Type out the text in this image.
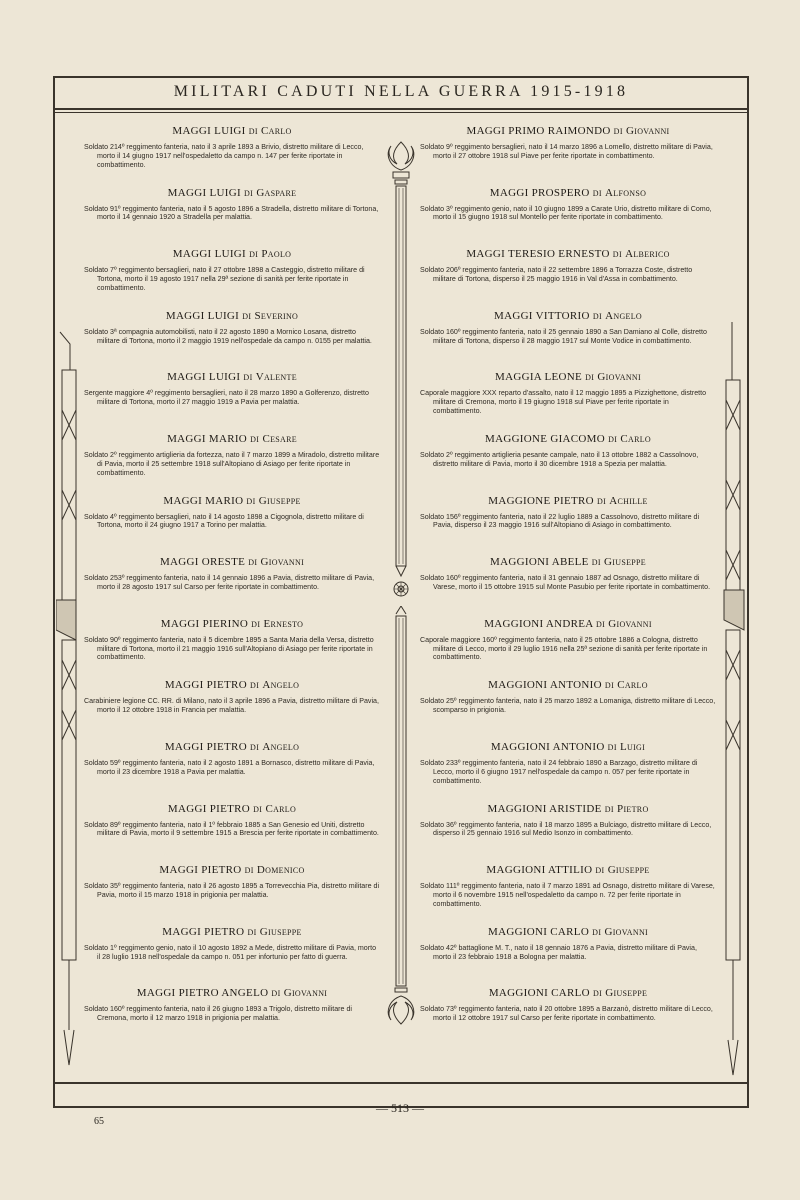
MILITARI CADUTI NELLA GUERRA 1915-1918
MAGGI LUIGI DI Carlo
Soldato 214º reggimento fanteria, nato il 3 aprile 1893 a Brivio, distretto militare di Lecco, morto il 14 giugno 1917 nell'ospedaletto da campo n. 147 per ferite riportate in combattimento.
MAGGI LUIGI DI Gaspare
Soldato 91º reggimento fanteria, nato il 5 agosto 1896 a Stradella, distretto militare di Tortona, morto il 14 gennaio 1920 a Stradella per malattia.
MAGGI LUIGI DI Paolo
Soldato 7º reggimento bersaglieri, nato il 27 ottobre 1898 a Casteggio, distretto militare di Tortona, morto il 19 agosto 1917 nella 29ª sezione di sanità per ferite riportate in combattimento.
MAGGI LUIGI DI Severino
Soldato 3ª compagnia automobilisti, nato il 22 agosto 1890 a Mornico Losana, distretto militare di Tortona, morto il 2 maggio 1919 nell'ospedale da campo n. 0155 per malattia.
MAGGI LUIGI DI Valente
Sergente maggiore 4º reggimento bersaglieri, nato il 28 marzo 1890 a Golferenzo, distretto militare di Tortona, morto il 27 maggio 1919 a Pavia per malattia.
MAGGI MARIO DI Cesare
Soldato 2º reggimento artiglieria da fortezza, nato il 7 marzo 1899 a Miradolo, distretto militare di Pavia, morto il 25 settembre 1918 sull'Altopiano di Asiago per ferite riportate in combattimento.
MAGGI MARIO DI Giuseppe
Soldato 4º reggimento bersaglieri, nato il 14 agosto 1898 a Cigognola, distretto militare di Tortona, morto il 24 giugno 1917 a Torino per malattia.
MAGGI ORESTE DI Giovanni
Soldato 253º reggimento fanteria, nato il 14 gennaio 1896 a Pavia, distretto militare di Pavia, morto il 28 agosto 1917 sul Carso per ferite riportate in combattimento.
MAGGI PIERINO DI Ernesto
Soldato 90º reggimento fanteria, nato il 5 dicembre 1895 a Santa Maria della Versa, distretto militare di Tortona, morto il 21 maggio 1916 sull'Altopiano di Asiago per ferite riportate in combattimento.
MAGGI PIETRO DI Angelo
Carabiniere legione CC. RR. di Milano, nato il 3 aprile 1896 a Pavia, distretto militare di Pavia, morto il 12 ottobre 1918 in Francia per malattia.
MAGGI PIETRO DI Angelo
Soldato 59º reggimento fanteria, nato il 2 agosto 1891 a Bornasco, distretto militare di Pavia, morto il 23 dicembre 1918 a Pavia per malattia.
MAGGI PIETRO DI Carlo
Soldato 89º reggimento fanteria, nato il 1º febbraio 1885 a San Genesio ed Uniti, distretto militare di Pavia, morto il 9 settembre 1915 a Brescia per ferite riportate in combattimento.
MAGGI PIETRO DI Domenico
Soldato 35º reggimento fanteria, nato il 26 agosto 1895 a Torrevecchia Pia, distretto militare di Pavia, morto il 15 marzo 1918 in prigionia per malattia.
MAGGI PIETRO DI Giuseppe
Soldato 1º reggimento genio, nato il 10 agosto 1892 a Mede, distretto militare di Pavia, morto il 28 luglio 1918 nell'ospedale da campo n. 051 per infortunio per fatto di guerra.
MAGGI PIETRO ANGELO DI Giovanni
Soldato 160º reggimento fanteria, nato il 26 giugno 1893 a Trigolo, distretto militare di Cremona, morto il 12 marzo 1918 in prigionia per malattia.
MAGGI PRIMO RAIMONDO DI Giovanni
Soldato 9º reggimento bersaglieri, nato il 14 marzo 1896 a Lomello, distretto militare di Pavia, morto il 27 ottobre 1918 sul Piave per ferite riportate in combattimento.
MAGGI PROSPERO DI Alfonso
Soldato 3º reggimento genio, nato il 10 giugno 1899 a Carate Urio, distretto militare di Como, morto il 15 giugno 1918 sul Montello per ferite riportate in combattimento.
MAGGI TERESIO ERNESTO DI Alberico
Soldato 206º reggimento fanteria, nato il 22 settembre 1896 a Torrazza Coste, distretto militare di Tortona, disperso il 25 maggio 1916 in Val d'Assa in combattimento.
MAGGI VITTORIO DI Angelo
Soldato 160º reggimento fanteria, nato il 25 gennaio 1890 a San Damiano al Colle, distretto militare di Tortona, disperso il 28 maggio 1917 sul Monte Vodice in combattimento.
MAGGIA LEONE DI Giovanni
Caporale maggiore XXX reparto d'assalto, nato il 12 maggio 1895 a Pizzighettone, distretto militare di Cremona, morto il 19 giugno 1918 sul Piave per ferite riportate in combattimento.
MAGGIONE GIACOMO DI Carlo
Soldato 2º reggimento artiglieria pesante campale, nato il 13 ottobre 1882 a Cassolnovo, distretto militare di Pavia, morto il 30 dicembre 1918 a Spezia per malattia.
MAGGIONE PIETRO DI Achille
Soldato 156º reggimento fanteria, nato il 22 luglio 1889 a Cassolnovo, distretto militare di Pavia, disperso il 23 maggio 1916 sull'Altopiano di Asiago in combattimento.
MAGGIONI ABELE DI Giuseppe
Soldato 160º reggimento fanteria, nato il 31 gennaio 1887 ad Osnago, distretto militare di Varese, morto il 15 ottobre 1915 sul Monte Pasubio per ferite riportate in combattimento.
MAGGIONI ANDREA DI Giovanni
Caporale maggiore 160º reggimento fanteria, nato il 25 ottobre 1886 a Cologna, distretto militare di Lecco, morto il 29 luglio 1916 nella 25ª sezione di sanità per ferite riportate in combattimento.
MAGGIONI ANTONIO DI Carlo
Soldato 25º reggimento fanteria, nato il 25 marzo 1892 a Lomaniga, distretto militare di Lecco, scomparso in prigionia.
MAGGIONI ANTONIO DI Luigi
Soldato 233º reggimento fanteria, nato il 24 febbraio 1890 a Barzago, distretto militare di Lecco, morto il 6 giugno 1917 nell'ospedale da campo n. 057 per ferite riportate in combattimento.
MAGGIONI ARISTIDE DI Pietro
Soldato 36º reggimento fanteria, nato il 18 marzo 1895 a Bulciago, distretto militare di Lecco, disperso il 25 gennaio 1916 sul Medio Isonzo in combattimento.
MAGGIONI ATTILIO DI Giuseppe
Soldato 111º reggimento fanteria, nato il 7 marzo 1891 ad Osnago, distretto militare di Varese, morto il 6 novembre 1915 nell'ospedaletto da campo n. 72 per ferite riportate in combattimento.
MAGGIONI CARLO DI Giovanni
Soldato 42º battaglione M. T., nato il 18 gennaio 1876 a Pavia, distretto militare di Pavia, morto il 23 febbraio 1918 a Bologna per malattia.
MAGGIONI CARLO DI Giuseppe
Soldato 73º reggimento fanteria, nato il 20 ottobre 1895 a Barzanò, distretto militare di Lecco, morto il 12 ottobre 1917 sul Carso per ferite riportate in combattimento.
— 513 —
65
